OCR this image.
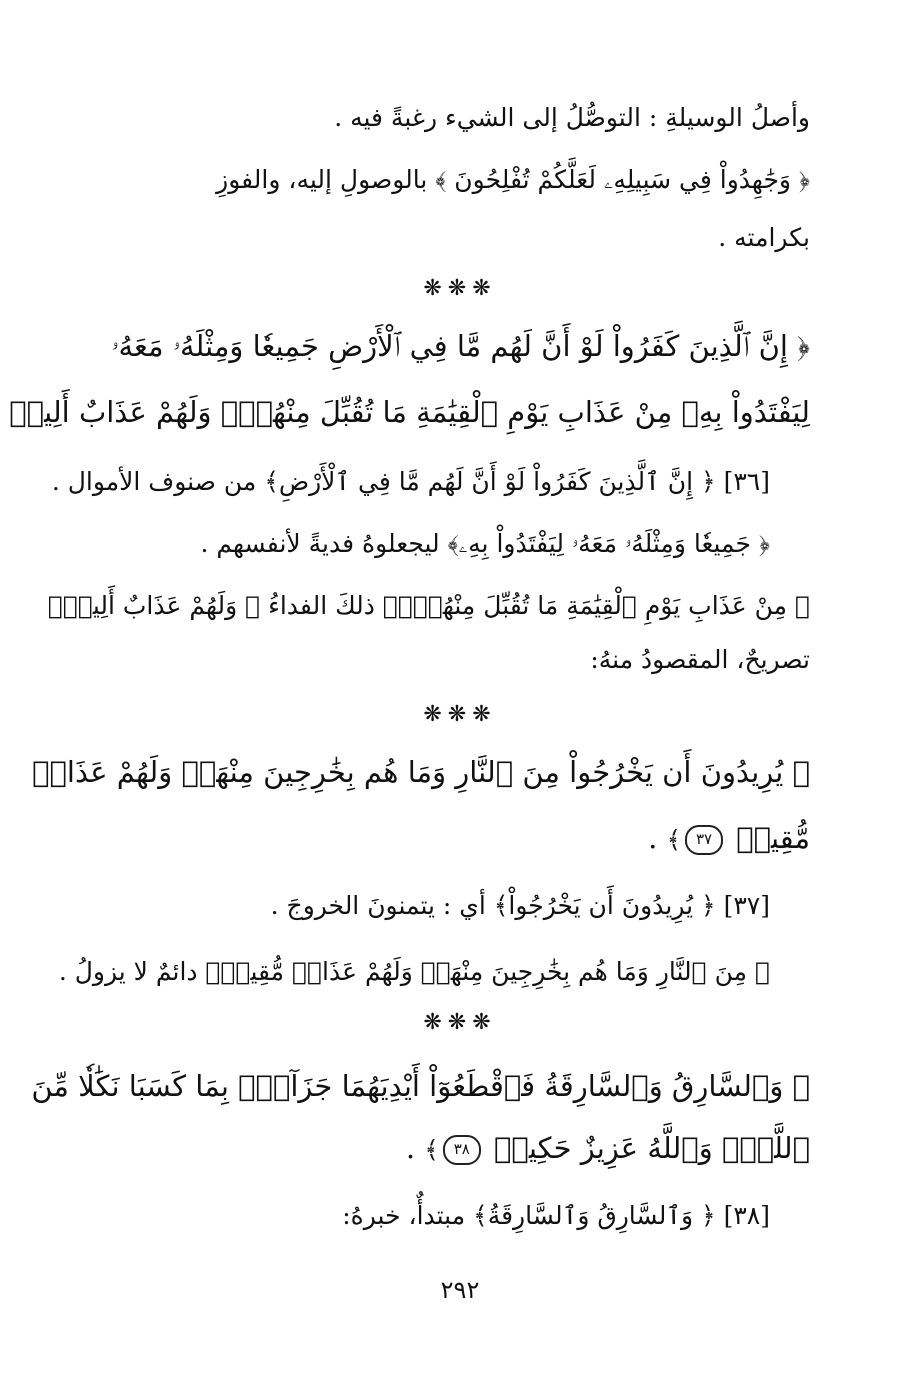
وأصلُ الوسيلةِ : التوصُّلُ إلى الشيء رغبةً فيه .
﴿ وَجَٰهِدُواْ فِي سَبِيلِهِۦ لَعَلَّكُمْ تُفْلِحُونَ ﴾ بالوصولِ إليه، والفوزِ
بكرامته .
❋❋❋
﴿ إِنَّ ٱلَّذِينَ كَفَرُواْ لَوْ أَنَّ لَهُم مَّا فِي ٱلْأَرْضِ جَمِيعٗا وَمِثْلَهُۥ مَعَهُۥ
لِيَفْتَدُواْ بِهِۦ مِنْ عَذَابِ يَوْمِ ٱلْقِيَٰمَةِ مَا تُقُبِّلَ مِنْهُمْۖ وَلَهُمْ عَذَابٌ أَلِيمٞ
[٣٦] ﴿ إِنَّ ٱلَّذِينَ كَفَرُواْ لَوْ أَنَّ لَهُم مَّا فِي ٱلْأَرْضِ﴾ من صنوف الأموال .
﴿ جَمِيعٗا وَمِثْلَهُۥ مَعَهُۥ لِيَفْتَدُواْ بِهِۦ﴾ ليجعلوهُ فديةً لأنفسهم .
﴿ مِنْ عَذَابِ يَوْمِ ٱلْقِيَٰمَةِ مَا تُقُبِّلَ مِنْهُمْۖ﴾ ذلكَ الفداءُ ﴿ وَلَهُمْ عَذَابٌ أَلِيمٞ﴾
تصريحٌ، المقصودُ منهُ:
❋❋❋
﴿ يُرِيدُونَ أَن يَخْرُجُواْ مِنَ ٱلنَّارِ وَمَا هُم بِخَٰرِجِينَ مِنْهَاۖ وَلَهُمْ عَذَابٞ
مُّقِيمٞ ٣٧﴾ .
[٣٧] ﴿ يُرِيدُونَ أَن يَخْرُجُواْ﴾ أي : يتمنونَ الخروجَ .
﴿ مِنَ ٱلنَّارِ وَمَا هُم بِخَٰرِجِينَ مِنْهَاۖ وَلَهُمْ عَذَابٞ مُّقِيمٞ﴾ دائمٌ لا يزولُ .
❋❋❋
﴿ وَٱلسَّارِقُ وَٱلسَّارِقَةُ فَٱقْطَعُوٓاْ أَيْدِيَهُمَا جَزَآءَۢ بِمَا كَسَبَا نَكَٰلٗا مِّنَ
ٱللَّهِۗ وَٱللَّهُ عَزِيزٌ حَكِيمٞ ٣٨﴾ .
[٣٨] ﴿ وَٱلسَّارِقُ وَٱلسَّارِقَةُ﴾ مبتدأٌ، خبرهُ:
٢٩٢
